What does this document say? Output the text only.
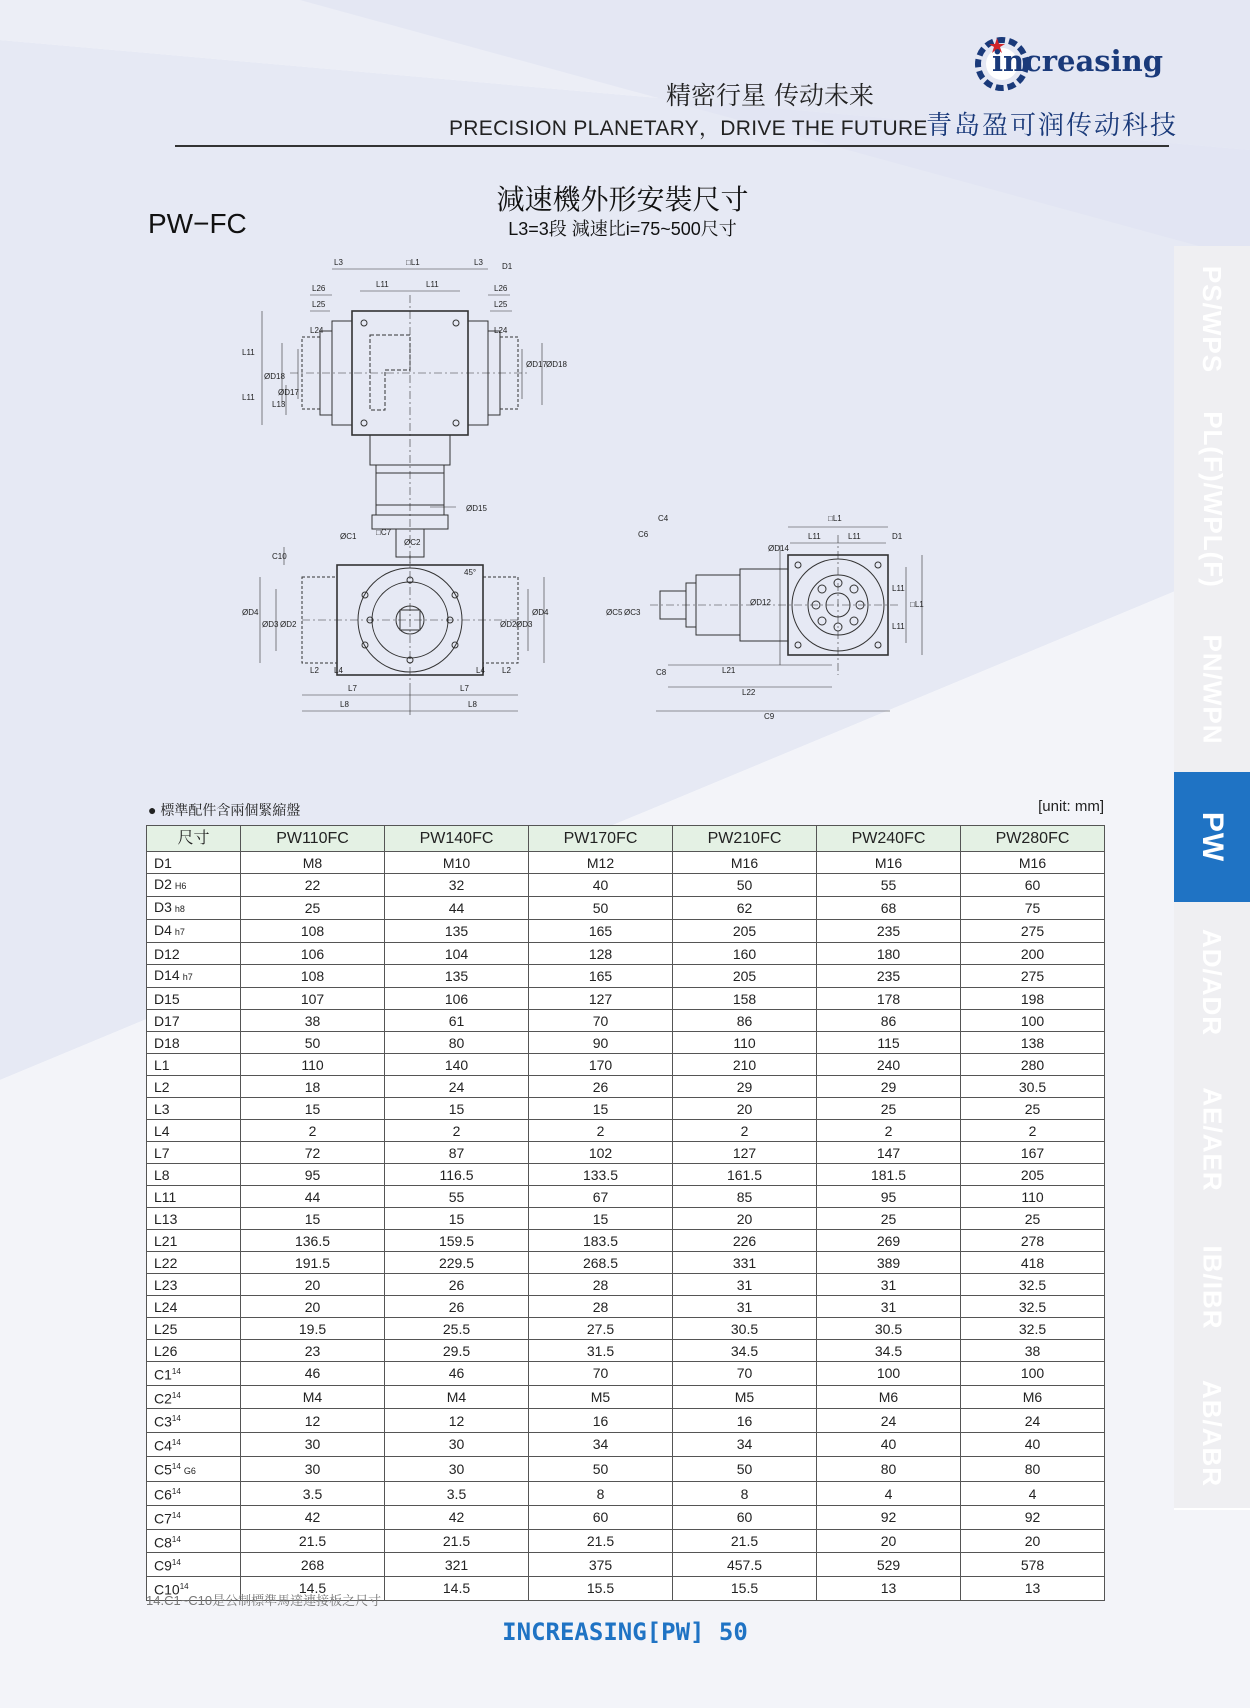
精密行星 传动未来
PRECISION PLANETARY，DRIVE THE FUTURE
increasing
青岛盈可润传动科技
PW−FC
減速機外形安裝尺寸
L3=3段 減速比i=75~500尺寸
L3	□L1	L3 D1
L11	L11
L26	L26
L25	L25
L24	L24
L11
L11
ØD18
ØD17
ØD17 ØD18
L13
ØD15
C10
ØC1 □C7
ØC2
45°
ØD4
ØD3 ØD2	ØD2 ØD3
ØD4
L2 L4	L4 L2
L7	L7
L8	L8
C4
C6
ØD14
□L1
L11	L11	D1
ØC5 ØC3
ØD12
L11
L11
□L1
C8	L21
L22
C9
PS/WPS
PL(F)/WPL(F)
PN/WPN
PW
AD/ADR
AE/AER
IB/IBR
AB/ABR
● 標準配件含兩個緊縮盤	[unit: mm]
尺寸	PW110FC	PW140FC	PW170FC	PW210FC	PW240FC	PW280FC
D1	M8	M10	M12	M16	M16	M16
D2 H6	22	32	40	50	55	60
D3 h8	25	44	50	62	68	75
D4 h7	108	135	165	205	235	275
D12	106	104	128	160	180	200
D14 h7	108	135	165	205	235	275
D15	107	106	127	158	178	198
D17	38	61	70	86	86	100
D18	50	80	90	110	115	138
L1	110	140	170	210	240	280
L2	18	24	26	29	29	30.5
L3	15	15	15	20	25	25
L4	2	2	2	2	2	2
L7	72	87	102	127	147	167
L8	95	116.5	133.5	161.5	181.5	205
L11	44	55	67	85	95	110
L13	15	15	15	20	25	25
L21	136.5	159.5	183.5	226	269	278
L22	191.5	229.5	268.5	331	389	418
L23	20	26	28	31	31	32.5
L24	20	26	28	31	31	32.5
L25	19.5	25.5	27.5	30.5	30.5	32.5
L26	23	29.5	31.5	34.5	34.5	38
$C1^{14}$	46	46	70	70	100	100
$C2^{14}$	M4	M4	M5	M5	M6	M6
$C3^{14}$	12	12	16	16	24	24
$C4^{14}$	30	30	34	34	40	40
$C5^{14}G6$	30	30	50	50	80	80
$C6^{14}$	3.5	3.5	8	8	4	4
$C7^{14}$	42	42	60	60	92	92
$C8^{14}$	21.5	21.5	21.5	21.5	20	20
$C9^{14}$	268	321	375	457.5	529	578
$C10^{14}$	14.5	14.5	15.5	15.5	13	13
14.C1~C10是公制標準馬達連接板之尺寸
INCREASING[PW] 50
